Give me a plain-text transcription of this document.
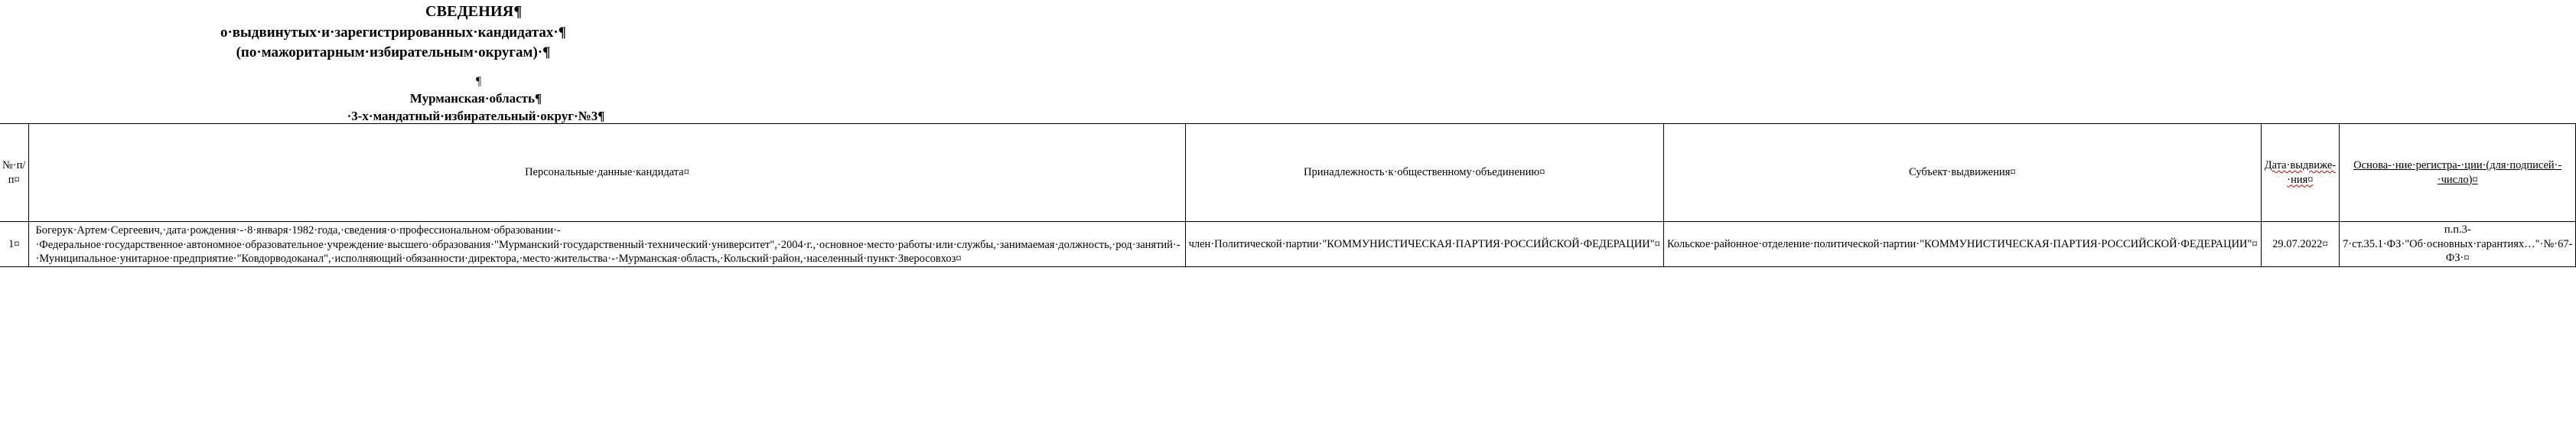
СВЕДЕНИЯ¶
о·выдвинутых·и·зарегистрированных·кандидатах·¶
(по·мажоритарным·избирательным·округам)·¶
¶
Мурманская·область¶
·3-х·мандатный·избирательный·округ·№3¶
№·п/п¤	Персональные·данные·кандидата¤	Принадлежность·к·общественному·объединению¤	Субъект·выдвижения¤	Дата·выдвиже-·ния¤	Основа-·ние·регистра-·ции·(для·подписей·-·число)¤
1¤	Богерук·Артем·Сергеевич,·дата·рождения·-·8·января·1982·года,·сведения·о·профессиональном·образовании·-·Федеральное·государственное·автономное·образовательное·учреждение·высшего·образования·"Мурманский·государственный·технический·университет",·2004·г.,·основное·место·работы·или·службы,·занимаемая·должность,·род·занятий·-·Муниципальное·унитарное·предприятие·"Ковдорводоканал",·исполняющий·обязанности·директора,·место·жительства·-·Мурманская·область,·Кольский·район,·населенный·пункт·Зверосовхоз¤	член·Политической·партии·"КОММУНИСТИЧЕСКАЯ·ПАРТИЯ·РОССИЙСКОЙ·ФЕДЕРАЦИИ"¤	Кольское·районное·отделение·политической·партии·"КОММУНИСТИЧЕСКАЯ·ПАРТИЯ·РОССИЙСКОЙ·ФЕДЕРАЦИИ"¤	29.07.2022¤	п.п.3-7·ст.35.1·ФЗ·"Об·основных·гарантиях…"·№·67-ФЗ·¤
